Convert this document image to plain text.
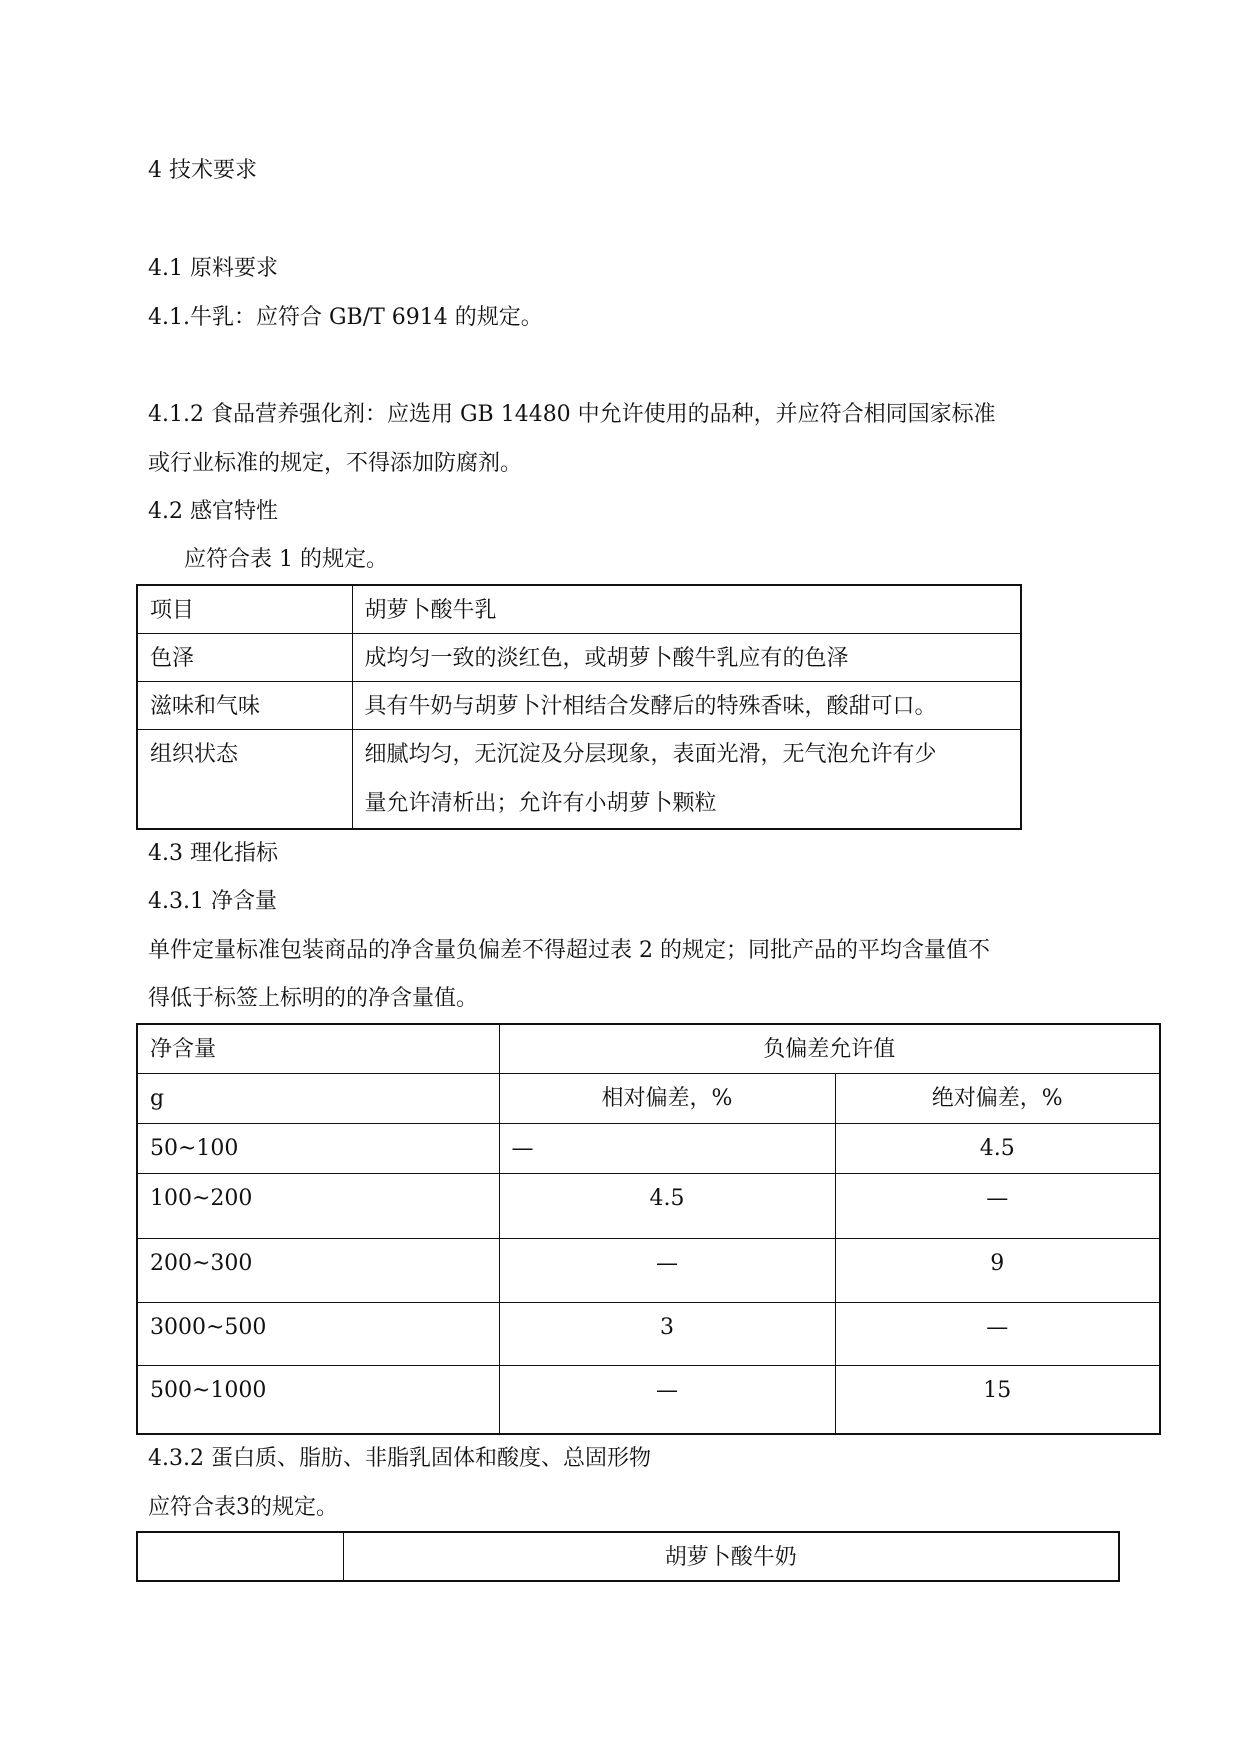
4 技术要求
4.1 原料要求
4.1.牛乳：应符合 GB/T 6914 的规定。
4.1.2 食品营养强化剂：应选用 GB 14480 中允许使用的品种，并应符合相同国家标准
或行业标准的规定，不得添加防腐剂。
4.2 感官特性
应符合表 1 的规定。
项目	胡萝卜酸牛乳
色泽	成均匀一致的淡红色，或胡萝卜酸牛乳应有的色泽
滋味和气味	具有牛奶与胡萝卜汁相结合发酵后的特殊香味，酸甜可口。
组织状态	细腻均匀，无沉淀及分层现象，表面光滑，无气泡允许有少
量允许清析出；允许有小胡萝卜颗粒
4.3 理化指标
4.3.1 净含量
单件定量标准包装商品的净含量负偏差不得超过表 2 的规定；同批产品的平均含量值不
得低于标签上标明的的净含量值。
净含量	负偏差允许值	
g	相对偏差，%	绝对偏差，%
50~100	—	4.5
100~200	4.5	—
200~300	—	9
3000~500	3	—
500~1000	—	15
4.3.2 蛋白质、脂肪、非脂乳固体和酸度、总固形物
应符合表3的规定。
	胡萝卜酸牛奶
